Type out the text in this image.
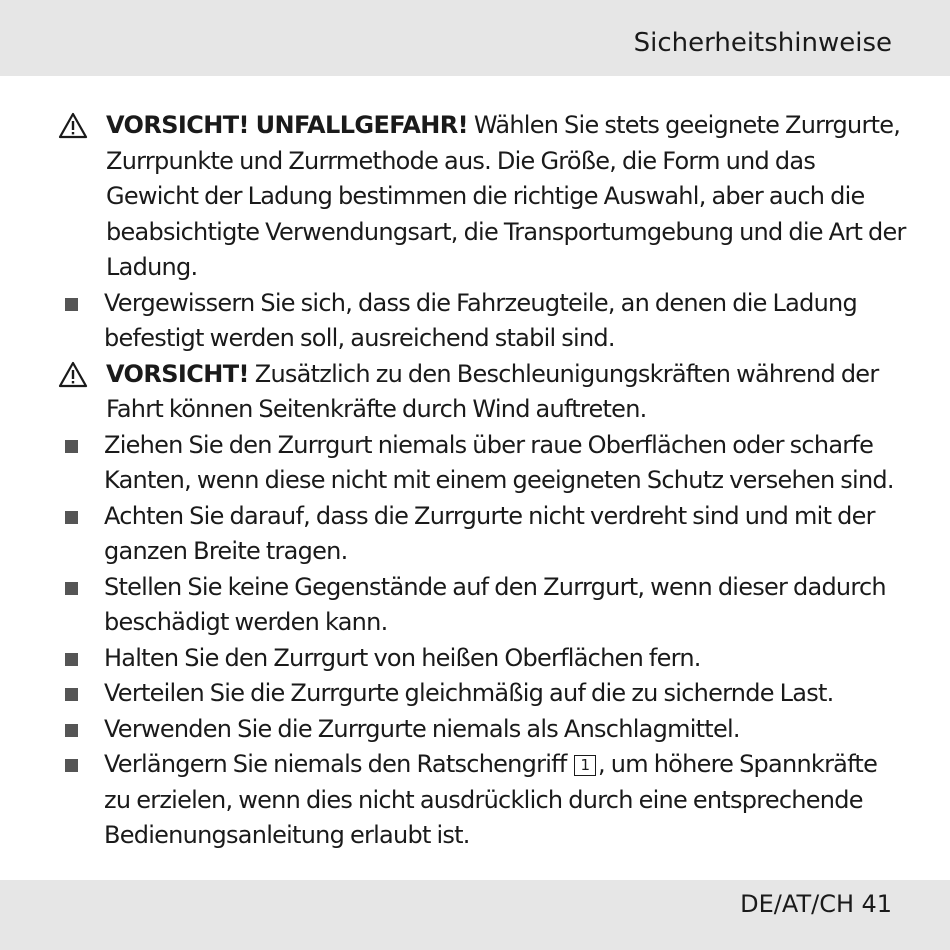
Sicherheitshinweise
VORSICHT! UNFALLGEFAHR! Wählen Sie stets geeignete Zurrgurte, Zurrpunkte und Zurrmethode aus. Die Größe, die Form und das Gewicht der Ladung bestimmen die richtige Auswahl, aber auch die beabsichtigte Verwendungsart, die Transportumgebung und die Art der Ladung.
Vergewissern Sie sich, dass die Fahrzeugteile, an denen die Ladung befestigt werden soll, ausreichend stabil sind.
VORSICHT! Zusätzlich zu den Beschleunigungskräften während der Fahrt können Seitenkräfte durch Wind auftreten.
Ziehen Sie den Zurrgurt niemals über raue Oberflächen oder scharfe Kanten, wenn diese nicht mit einem geeigneten Schutz versehen sind.
Achten Sie darauf, dass die Zurrgurte nicht verdreht sind und mit der ganzen Breite tragen.
Stellen Sie keine Gegenstände auf den Zurrgurt, wenn dieser dadurch beschädigt werden kann.
Halten Sie den Zurrgurt von heißen Oberflächen fern.
Verteilen Sie die Zurrgurte gleichmäßig auf die zu sichernde Last.
Verwenden Sie die Zurrgurte niemals als Anschlagmittel.
Verlängern Sie niemals den Ratschengriff 1 , um höhere Spannkräfte zu erzielen, wenn dies nicht ausdrücklich durch eine entsprechende Bedienungsanleitung erlaubt ist.
DE/AT/CH 41
